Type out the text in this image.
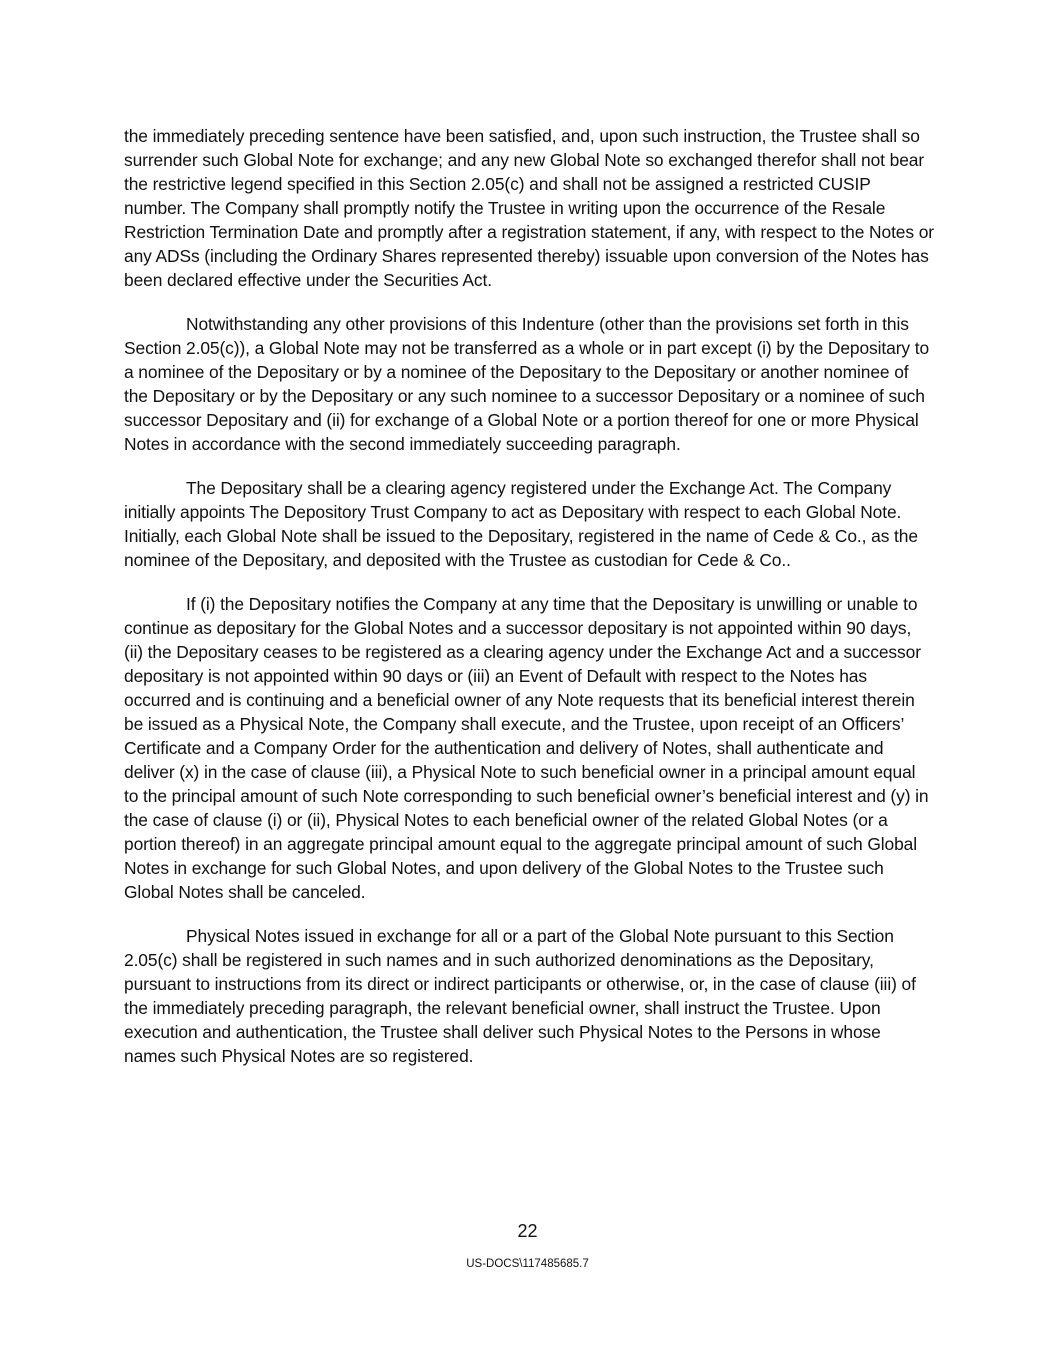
the immediately preceding sentence have been satisfied, and, upon such instruction, the Trustee shall so surrender such Global Note for exchange; and any new Global Note so exchanged therefor shall not bear the restrictive legend specified in this Section 2.05(c) and shall not be assigned a restricted CUSIP number. The Company shall promptly notify the Trustee in writing upon the occurrence of the Resale Restriction Termination Date and promptly after a registration statement, if any, with respect to the Notes or any ADSs (including the Ordinary Shares represented thereby) issuable upon conversion of the Notes has been declared effective under the Securities Act.

Notwithstanding any other provisions of this Indenture (other than the provisions set forth in this Section 2.05(c)), a Global Note may not be transferred as a whole or in part except (i) by the Depositary to a nominee of the Depositary or by a nominee of the Depositary to the Depositary or another nominee of the Depositary or by the Depositary or any such nominee to a successor Depositary or a nominee of such successor Depositary and (ii) for exchange of a Global Note or a portion thereof for one or more Physical Notes in accordance with the second immediately succeeding paragraph.

The Depositary shall be a clearing agency registered under the Exchange Act. The Company initially appoints The Depository Trust Company to act as Depositary with respect to each Global Note. Initially, each Global Note shall be issued to the Depositary, registered in the name of Cede & Co., as the nominee of the Depositary, and deposited with the Trustee as custodian for Cede & Co..

If (i) the Depositary notifies the Company at any time that the Depositary is unwilling or unable to continue as depositary for the Global Notes and a successor depositary is not appointed within 90 days, (ii) the Depositary ceases to be registered as a clearing agency under the Exchange Act and a successor depositary is not appointed within 90 days or (iii) an Event of Default with respect to the Notes has occurred and is continuing and a beneficial owner of any Note requests that its beneficial interest therein be issued as a Physical Note, the Company shall execute, and the Trustee, upon receipt of an Officers’ Certificate and a Company Order for the authentication and delivery of Notes, shall authenticate and deliver (x) in the case of clause (iii), a Physical Note to such beneficial owner in a principal amount equal to the principal amount of such Note corresponding to such beneficial owner’s beneficial interest and (y) in the case of clause (i) or (ii), Physical Notes to each beneficial owner of the related Global Notes (or a portion thereof) in an aggregate principal amount equal to the aggregate principal amount of such Global Notes in exchange for such Global Notes, and upon delivery of the Global Notes to the Trustee such Global Notes shall be canceled.

Physical Notes issued in exchange for all or a part of the Global Note pursuant to this Section 2.05(c) shall be registered in such names and in such authorized denominations as the Depositary, pursuant to instructions from its direct or indirect participants or otherwise, or, in the case of clause (iii) of the immediately preceding paragraph, the relevant beneficial owner, shall instruct the Trustee. Upon execution and authentication, the Trustee shall deliver such Physical Notes to the Persons in whose names such Physical Notes are so registered.

22
US-DOCS\117485685.7
